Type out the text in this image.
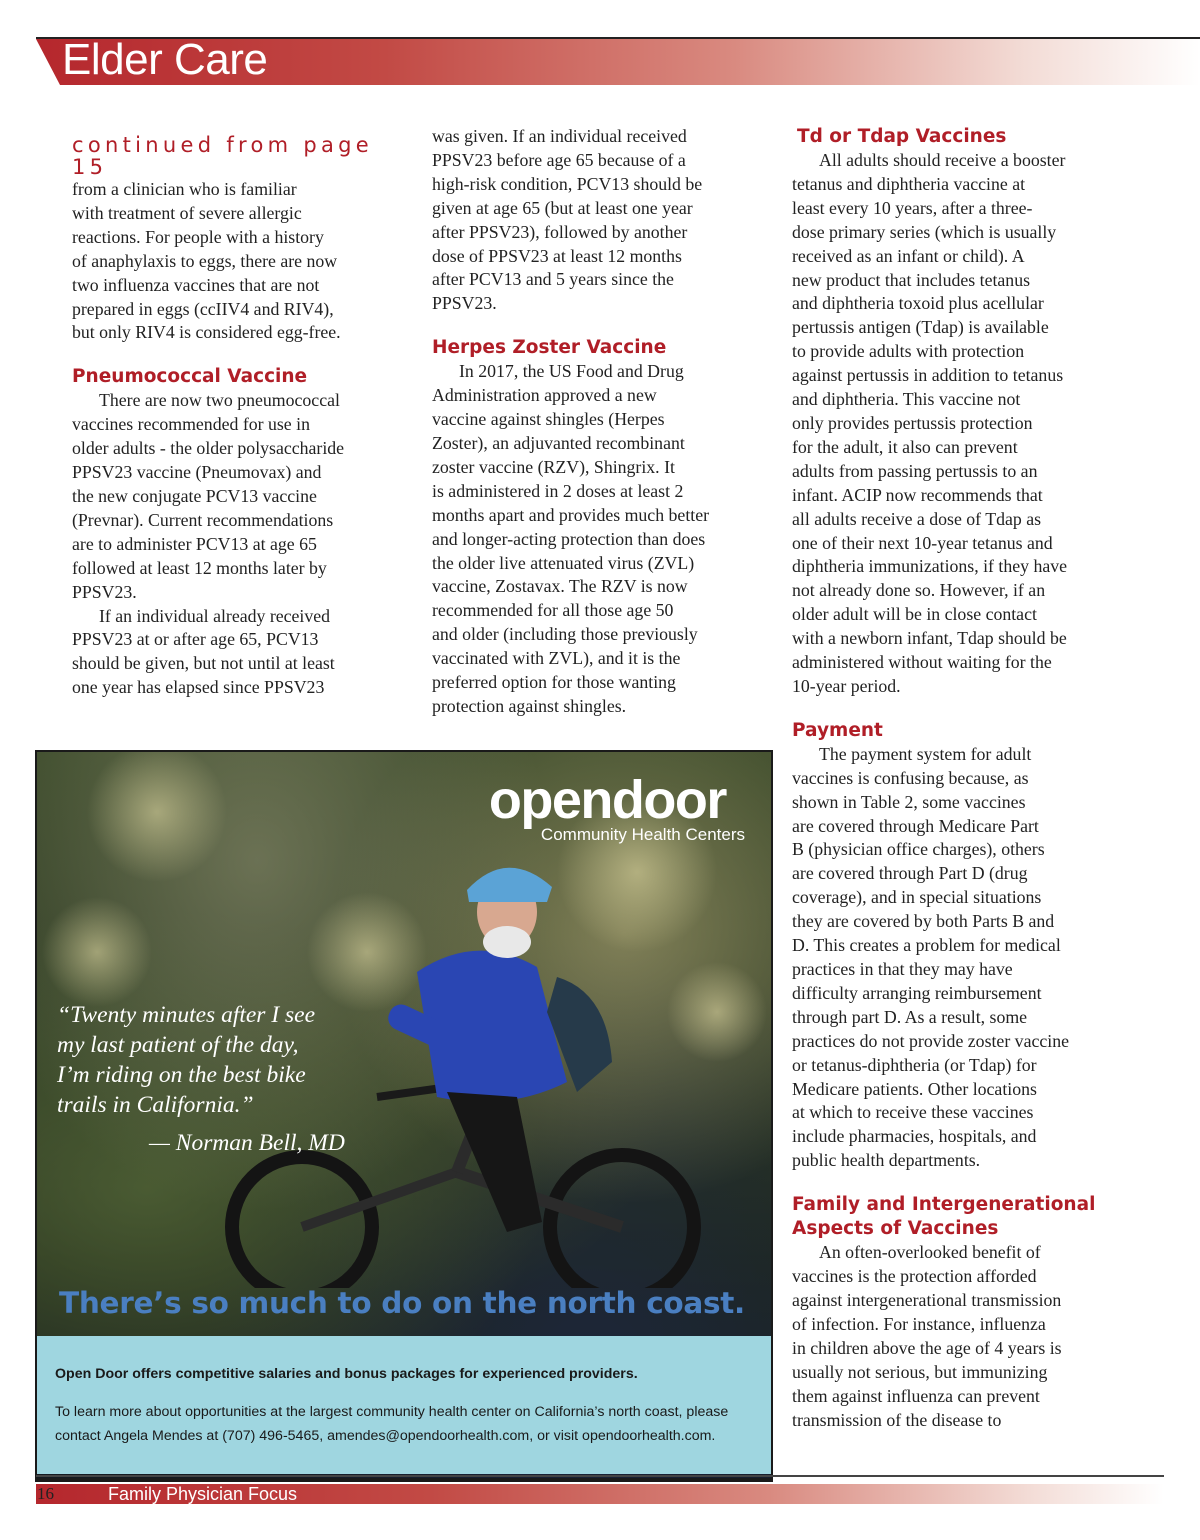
Elder Care

continued from page 15

from a clinician who is familiar
with treatment of severe allergic
reactions. For people with a history
of anaphylaxis to eggs, there are now
two influenza vaccines that are not
prepared in eggs (ccIIV4 and RIV4),
but only RIV4 is considered egg-free.
Pneumococcal Vaccine
There are now two pneumococcal
vaccines recommended for use in
older adults - the older polysaccharide
PPSV23 vaccine (Pneumovax) and
the new conjugate PCV13 vaccine
(Prevnar). Current recommendations
are to administer PCV13 at age 65
followed at least 12 months later by
PPSV23.
If an individual already received
PPSV23 at or after age 65, PCV13
should be given, but not until at least
one year has elapsed since PPSV23
was given. If an individual received
PPSV23 before age 65 because of a
high-risk condition, PCV13 should be
given at age 65 (but at least one year
after PPSV23), followed by another
dose of PPSV23 at least 12 months
after PCV13 and 5 years since the
PPSV23.
Herpes Zoster Vaccine
In 2017, the US Food and Drug
Administration approved a new
vaccine against shingles (Herpes
Zoster), an adjuvanted recombinant
zoster vaccine (RZV), Shingrix. It
is administered in 2 doses at least 2
months apart and provides much better
and longer-acting protection than does
the older live attenuated virus (ZVL)
vaccine, Zostavax. The RZV is now
recommended for all those age 50
and older (including those previously
vaccinated with ZVL), and it is the
preferred option for those wanting
protection against shingles.
Td or Tdap Vaccines
All adults should receive a booster
tetanus and diphtheria vaccine at
least every 10 years, after a three-
dose primary series (which is usually
received as an infant or child). A
new product that includes tetanus
and diphtheria toxoid plus acellular
pertussis antigen (Tdap) is available
to provide adults with protection
against pertussis in addition to tetanus
and diphtheria. This vaccine not
only provides pertussis protection
for the adult, it also can prevent
adults from passing pertussis to an
infant. ACIP now recommends that
all adults receive a dose of Tdap as
one of their next 10-year tetanus and
diphtheria immunizations, if they have
not already done so. However, if an
older adult will be in close contact
with a newborn infant, Tdap should be
administered without waiting for the
10-year period.
Payment
The payment system for adult
vaccines is confusing because, as
shown in Table 2, some vaccines
are covered through Medicare Part
B (physician office charges), others
are covered through Part D (drug
coverage), and in special situations
they are covered by both Parts B and
D. This creates a problem for medical
practices in that they may have
difficulty arranging reimbursement
through part D. As a result, some
practices do not provide zoster vaccine
or tetanus-diphtheria (or Tdap) for
Medicare patients. Other locations
at which to receive these vaccines
include pharmacies, hospitals, and
public health departments.
Family and Intergenerational
Aspects of Vaccines
An often-overlooked benefit of
vaccines is the protection afforded
against intergenerational transmission
of infection. For instance, influenza
in children above the age of 4 years is
usually not serious, but immunizing
them against influenza can prevent
transmission of the disease to
opendoor
Community Health Centers
“Twenty minutes after I see
my last patient of the day,
I’m riding on the best bike
trails in California.”
— Norman Bell, MD
There’s so much to do on the north coast.
Open Door offers competitive salaries and bonus packages for experienced providers.
To learn more about opportunities at the largest community health center on California’s north coast, please contact Angela Mendes at (707) 496-5465, amendes@opendoorhealth.com, or visit opendoorhealth.com.
16	Family Physician Focus
